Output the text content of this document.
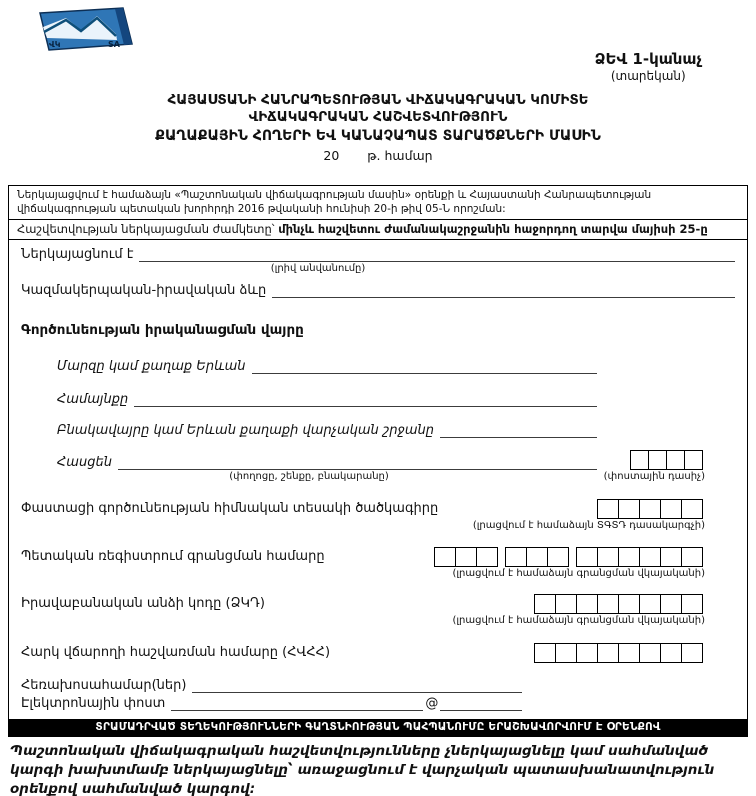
ՎԿ	SA
ՁԵՎ 1-կանաչ
(տարեկան)
ՀԱՅԱՍՏԱՆԻ ՀԱՆՐԱՊԵՏՈՒԹՅԱՆ ՎԻՃԱԿԱԳՐԱԿԱՆ ԿՈՄԻՏԵ
ՎԻՃԱԿԱԳՐԱԿԱՆ ՀԱՇՎԵՏՎՈՒԹՅՈՒՆ
ՔԱՂԱՔԱՅԻՆ ՀՈՂԵՐԻ ԵՎ ԿԱՆԱՉԱՊԱՏ ՏԱՐԱԾՔՆԵՐԻ ՄԱՍԻՆ
20 թ. համար
Ներկայացվում է համաձայն «Պաշտոնական վիճակագրության մասին» օրենքի և Հայաստանի Հանրապետության վիճակագրության պետական խորհրդի 2016 թվականի հունիսի 20-ի թիվ 05-Ն որոշման:
Հաշվետվության ներկայացման ժամկետը՝ մինչև հաշվետու ժամանակաշրջանին հաջորդող տարվա մայիսի 25-ը
Ներկայացնում է
(լրիվ անվանումը)
Կազմակերպական-իրավական ձևը
Գործունեության իրականացման վայրը
Մարզը կամ քաղաք Երևան
Համայնքը
Բնակավայրը կամ Երևան քաղաքի վարչական շրջանը
Հասցեն
(փողոցը, շենքը, բնակարանը)	(փոստային դասիչ)
Փաստացի գործունեության հիմնական տեսակի ծածկագիրը
(լրացվում է համաձայն ՏԳՏԴ դասակարգչի)
Պետական ռեգիստրում գրանցման համարը
(լրացվում է համաձայն գրանցման վկայականի)
Իրավաբանական անձի կոդը (ՁԿԴ)
(լրացվում է համաձայն գրանցման վկայականի)
Հարկ վճարողի հաշվառման համարը (ՀՎՀՀ)
Հեռախոսահամար(ներ)
Էլեկտրոնային փոստ	@
ՏՐԱՄԱԴՐՎԱԾ ՏԵՂԵԿՈՒԹՅՈՒՆՆԵՐԻ ԳԱՂՏՆԻՈՒԹՅԱՆ ՊԱՀՊԱՆՈՒՄԸ ԵՐԱՇԽԱՎՈՐՎՈՒՄ Է ՕՐԵՆՔՈՎ
Պաշտոնական վիճակագրական հաշվետվությունները չներկայացնելը կամ սահմանված կարգի խախտմամբ ներկայացնելը՝ առաջացնում է վարչական պատասխանատվություն օրենքով սահմանված կարգով:
